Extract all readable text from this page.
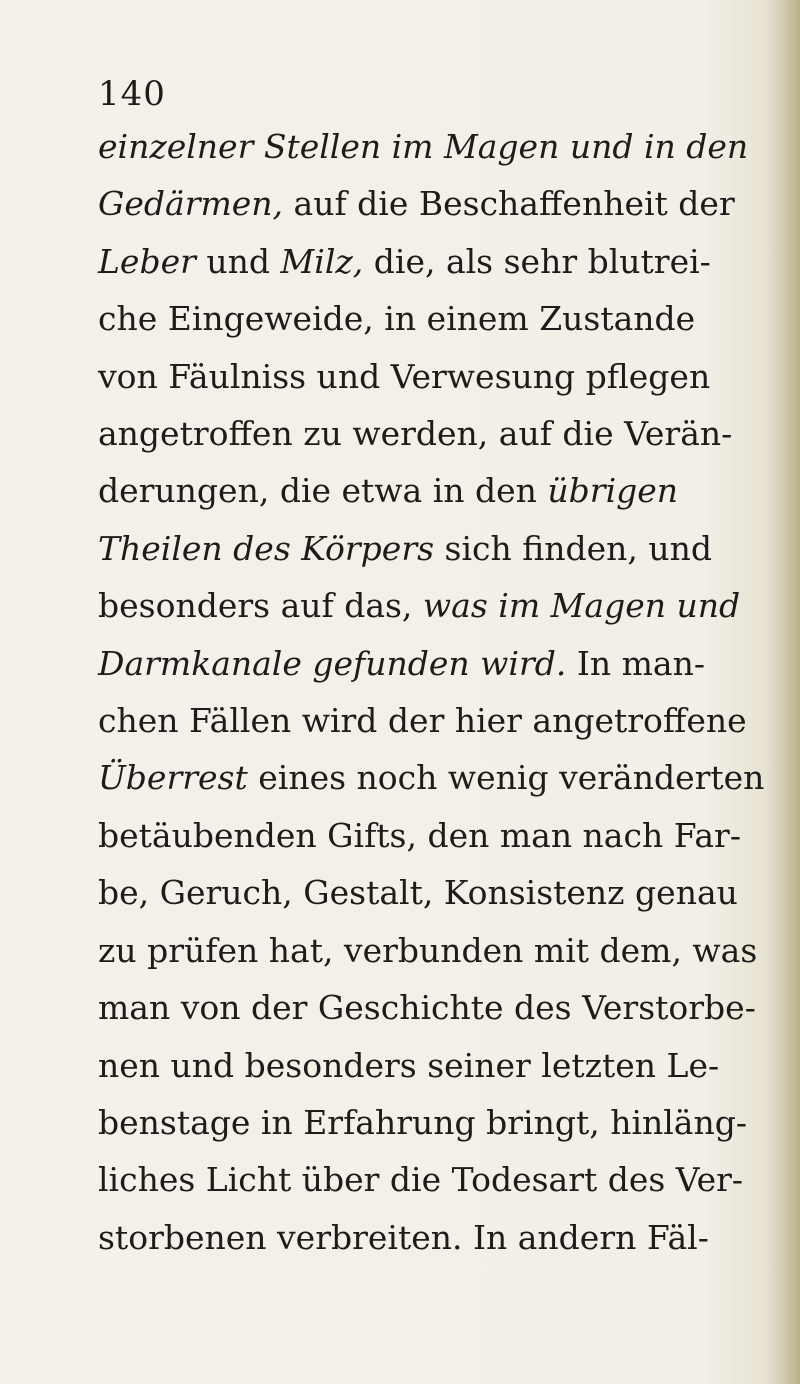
140
einzelner Stellen im Magen und in den
Gedärmen, auf die Beschaffenheit der
Leber und Milz, die, als sehr blutrei-
che Eingeweide, in einem Zustande
von Fäulniss und Verwesung pflegen
angetroffen zu werden, auf die Verän-
derungen, die etwa in den übrigen
Theilen des Körpers sich finden, und
besonders auf das, was im Magen und
Darmkanale gefunden wird. In man-
chen Fällen wird der hier angetroffene
Überrest eines noch wenig veränderten
betäubenden Gifts, den man nach Far-
be, Geruch, Gestalt, Konsistenz genau
zu prüfen hat, verbunden mit dem, was
man von der Geschichte des Verstorbe-
nen und besonders seiner letzten Le-
benstage in Erfahrung bringt, hinläng-
liches Licht über die Todesart des Ver-
storbenen verbreiten. In andern Fäl-
